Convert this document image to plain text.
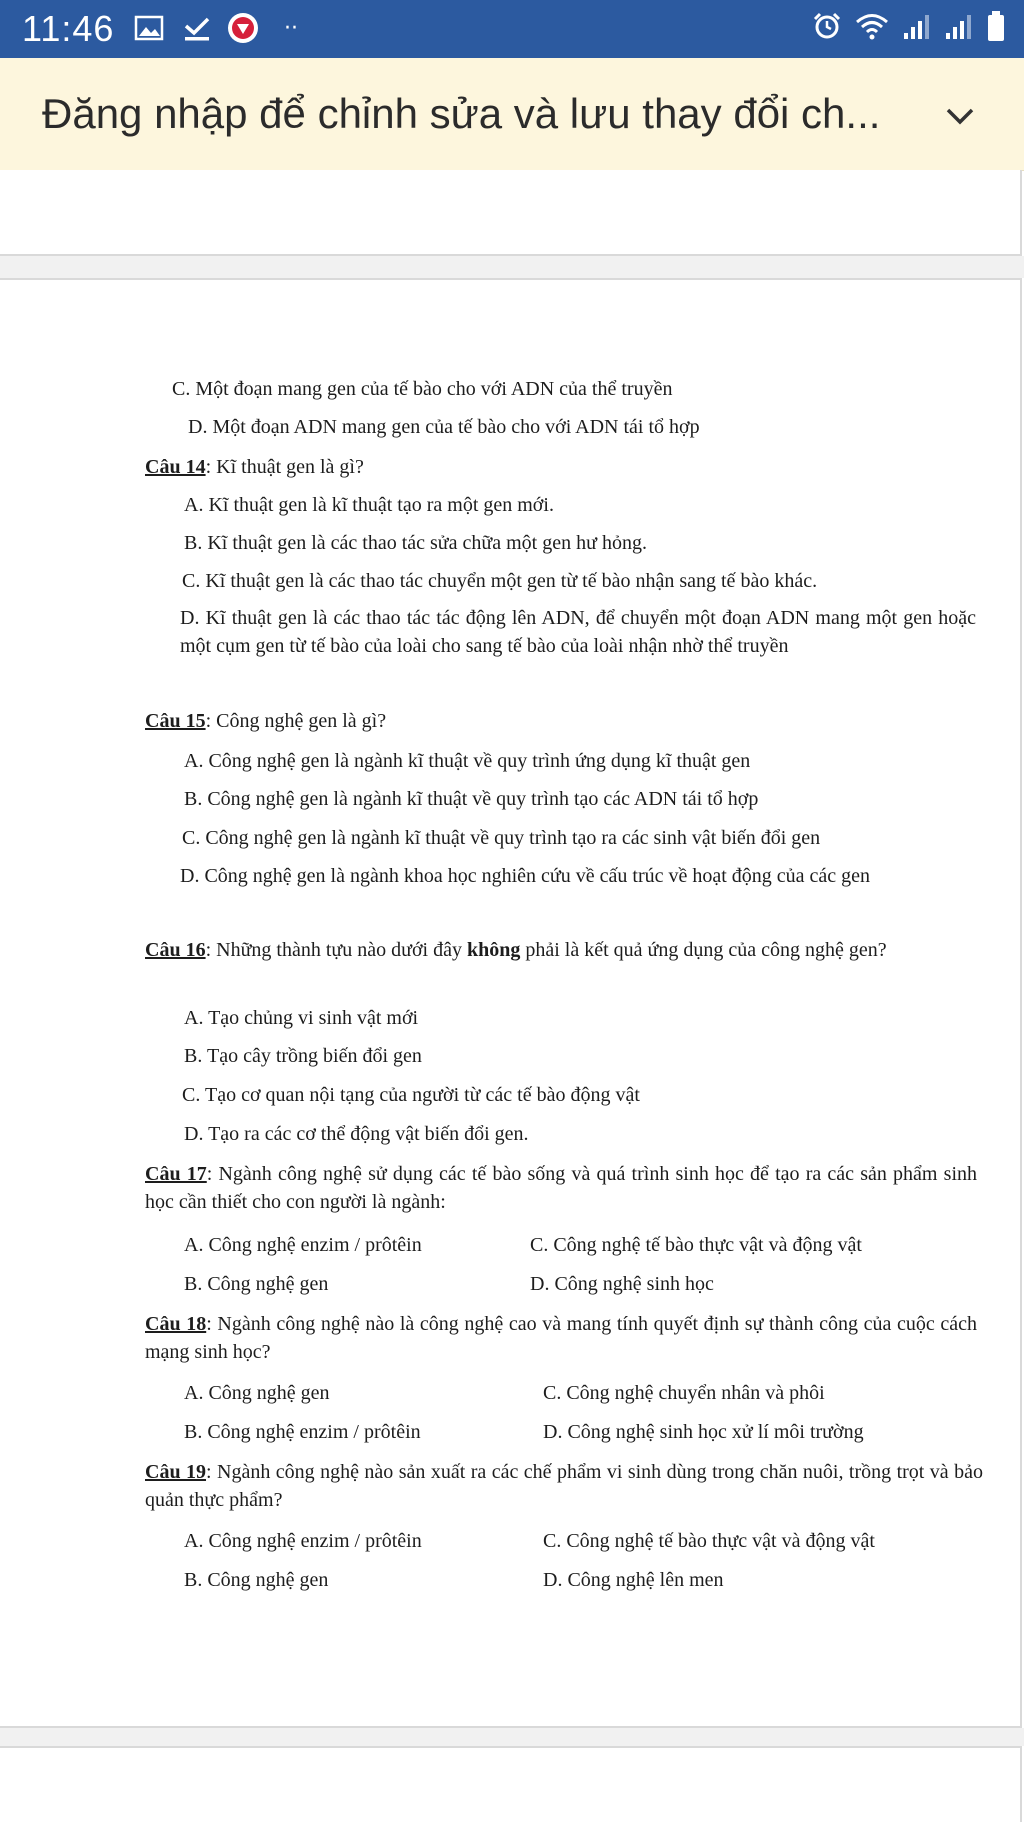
11:46	··
Đăng nhập để chỉnh sửa và lưu thay đổi ch...
C. Một đoạn mang gen của tế bào cho với ADN của thể truyền
D. Một đoạn ADN mang gen của tế bào cho với ADN tái tổ hợp
Câu 14: Kĩ thuật gen là gì?
A. Kĩ thuật gen là kĩ thuật tạo ra một gen mới.
B. Kĩ thuật gen là các thao tác sửa chữa một gen hư hỏng.
C. Kĩ thuật gen là các thao tác chuyển một gen từ tế bào nhận sang tế bào khác.
D. Kĩ thuật gen là các thao tác tác động lên ADN, để chuyển một đoạn ADN mang một gen hoặc một cụm gen từ tế bào của loài cho sang tế bào của loài nhận nhờ thể truyền
Câu 15: Công nghệ gen là gì?
A. Công nghệ gen là ngành kĩ thuật về quy trình ứng dụng kĩ thuật gen
B. Công nghệ gen là ngành kĩ thuật về quy trình tạo các ADN tái tổ hợp
C. Công nghệ gen là ngành kĩ thuật về quy trình tạo ra các sinh vật biến đổi gen
D. Công nghệ gen là ngành khoa học nghiên cứu về cấu trúc về hoạt động của các gen
Câu 16: Những thành tựu nào dưới đây không phải là kết quả ứng dụng của công nghệ gen?
A. Tạo chủng vi sinh vật mới
B. Tạo cây trồng biến đổi gen
C. Tạo cơ quan nội tạng của người từ các tế bào động vật
D. Tạo ra các cơ thể động vật biến đổi gen.
Câu 17: Ngành công nghệ sử dụng các tế bào sống và quá trình sinh học để tạo ra các sản phẩm sinh học cần thiết cho con người là ngành:
A. Công nghệ enzim / prôtêin	C. Công nghệ tế bào thực vật và động vật
B. Công nghệ gen	D. Công nghệ sinh học
Câu 18: Ngành công nghệ nào là công nghệ cao và mang tính quyết định sự thành công của cuộc cách mạng sinh học?
A. Công nghệ gen	C. Công nghệ chuyển nhân và phôi
B. Công nghệ enzim / prôtêin	D. Công nghệ sinh học xử lí môi trường
Câu 19: Ngành công nghệ nào sản xuất ra các chế phẩm vi sinh dùng trong chăn nuôi, trồng trọt và bảo quản thực phẩm?
A. Công nghệ enzim / prôtêin	C. Công nghệ tế bào thực vật và động vật
B. Công nghệ gen	D. Công nghệ lên men
